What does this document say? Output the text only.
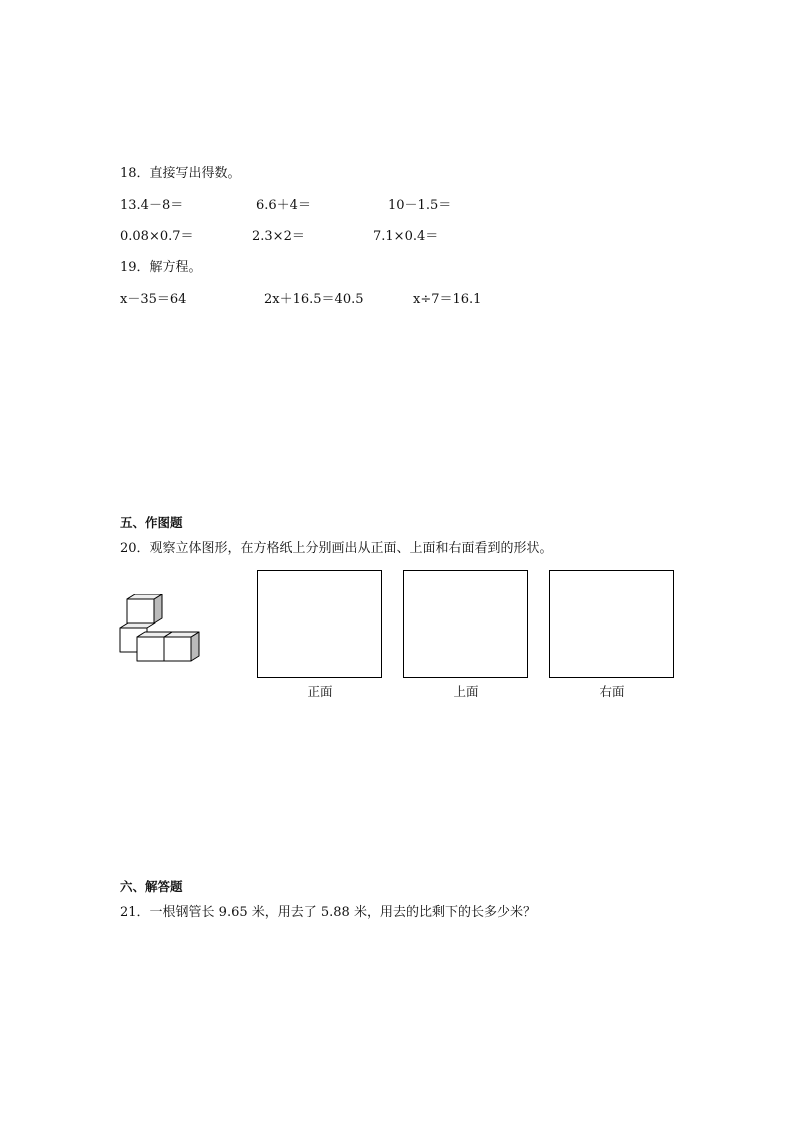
18．直接写出得数。
13.4－8＝	6.6＋4＝	10－1.5＝
0.08×0.7＝	2.3×2＝	7.1×0.4＝
19．解方程。
x－35＝64	2x＋16.5＝40.5	x÷7＝16.1
五、作图题
20．观察立体图形，在方格纸上分别画出从正面、上面和右面看到的形状。
正面	上面	右面
六、解答题
21．一根钢管长 9.65 米，用去了 5.88 米，用去的比剩下的长多少米？
